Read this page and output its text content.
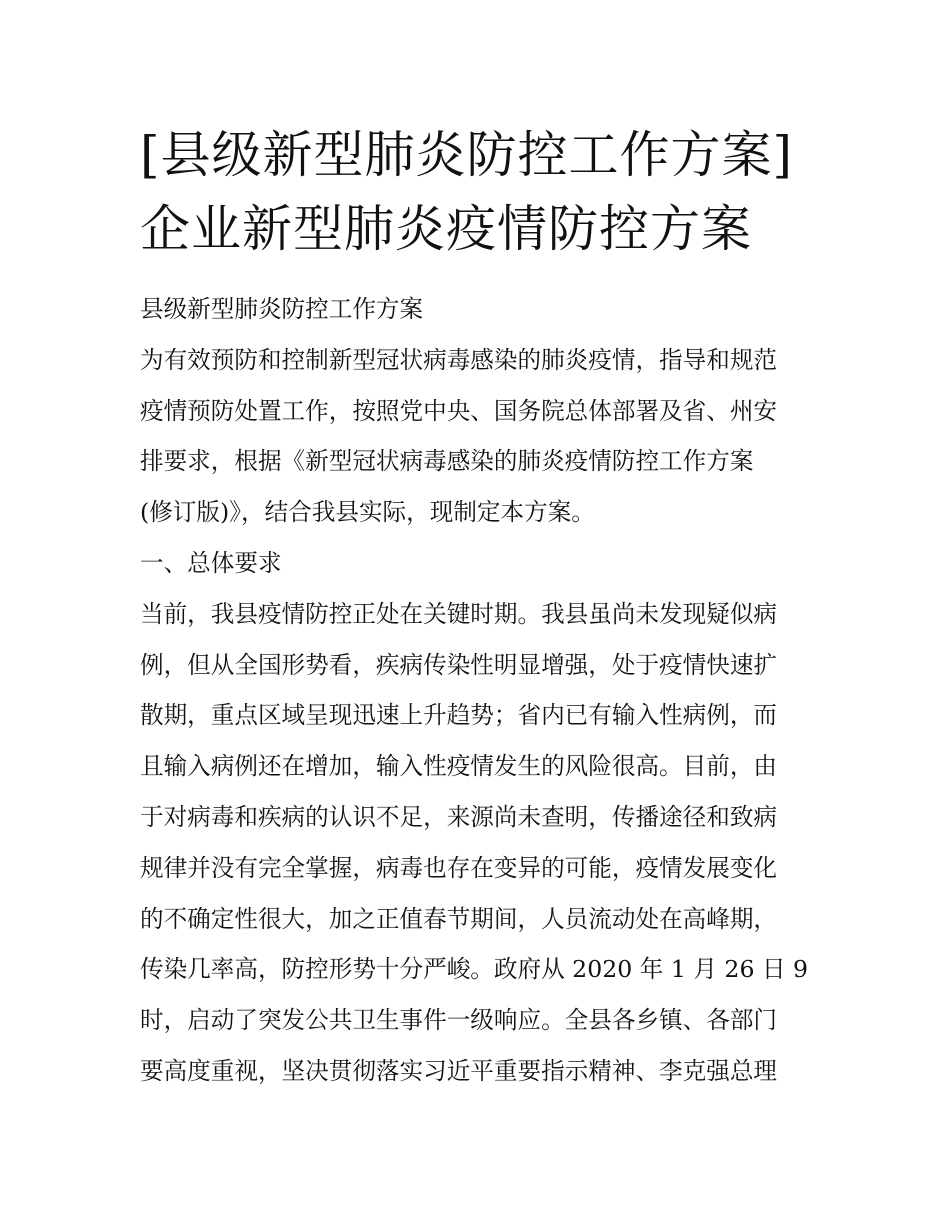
[县级新型肺炎防控工作方案]
企业新型肺炎疫情防控方案
县级新型肺炎防控工作方案
为有效预防和控制新型冠状病毒感染的肺炎疫情，指导和规范
疫情预防处置工作，按照党中央、国务院总体部署及省、州安
排要求，根据《新型冠状病毒感染的肺炎疫情防控工作方案
(修订版)》，结合我县实际，现制定本方案。
一、总体要求
当前，我县疫情防控正处在关键时期。我县虽尚未发现疑似病
例，但从全国形势看，疾病传染性明显增强，处于疫情快速扩
散期，重点区域呈现迅速上升趋势；省内已有输入性病例，而
且输入病例还在增加，输入性疫情发生的风险很高。目前，由
于对病毒和疾病的认识不足，来源尚未查明，传播途径和致病
规律并没有完全掌握，病毒也存在变异的可能，疫情发展变化
的不确定性很大，加之正值春节期间，人员流动处在高峰期，
传染几率高，防控形势十分严峻。政府从 2020 年 1 月 26 日 9
时，启动了突发公共卫生事件一级响应。全县各乡镇、各部门
要高度重视，坚决贯彻落实习近平重要指示精神、李克强总理
